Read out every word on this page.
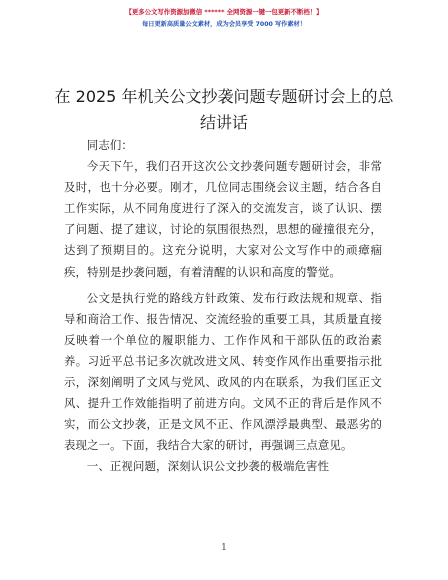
【更多公文写作资源加微信 ****** 全网资源一键一包更新不断档！】
每日更新高质量公文素材，成为会员享受 7000 写作素材！
在 2025 年机关公文抄袭问题专题研讨会上的总结讲话

同志们：

今天下午，我们召开这次公文抄袭问题专题研讨会，非常及时，也十分必要。刚才，几位同志围绕会议主题，结合各自工作实际，从不同角度进行了深入的交流发言，谈了认识、摆了问题、提了建议，讨论的氛围很热烈，思想的碰撞很充分，达到了预期目的。这充分说明，大家对公文写作中的顽瘴痼疾，特别是抄袭问题，有着清醒的认识和高度的警觉。

公文是执行党的路线方针政策、发布行政法规和规章、指导和商洽工作、报告情况、交流经验的重要工具，其质量直接反映着一个单位的履职能力、工作作风和干部队伍的政治素养。习近平总书记多次就改进文风、转变作风作出重要指示批示，深刻阐明了文风与党风、政风的内在联系，为我们匡正文风、提升工作效能指明了前进方向。文风不正的背后是作风不实，而公文抄袭，正是文风不正、作风漂浮最典型、最恶劣的表现之一。下面，我结合大家的研讨，再强调三点意见。

一、正视问题，深刻认识公文抄袭的极端危害性

1
